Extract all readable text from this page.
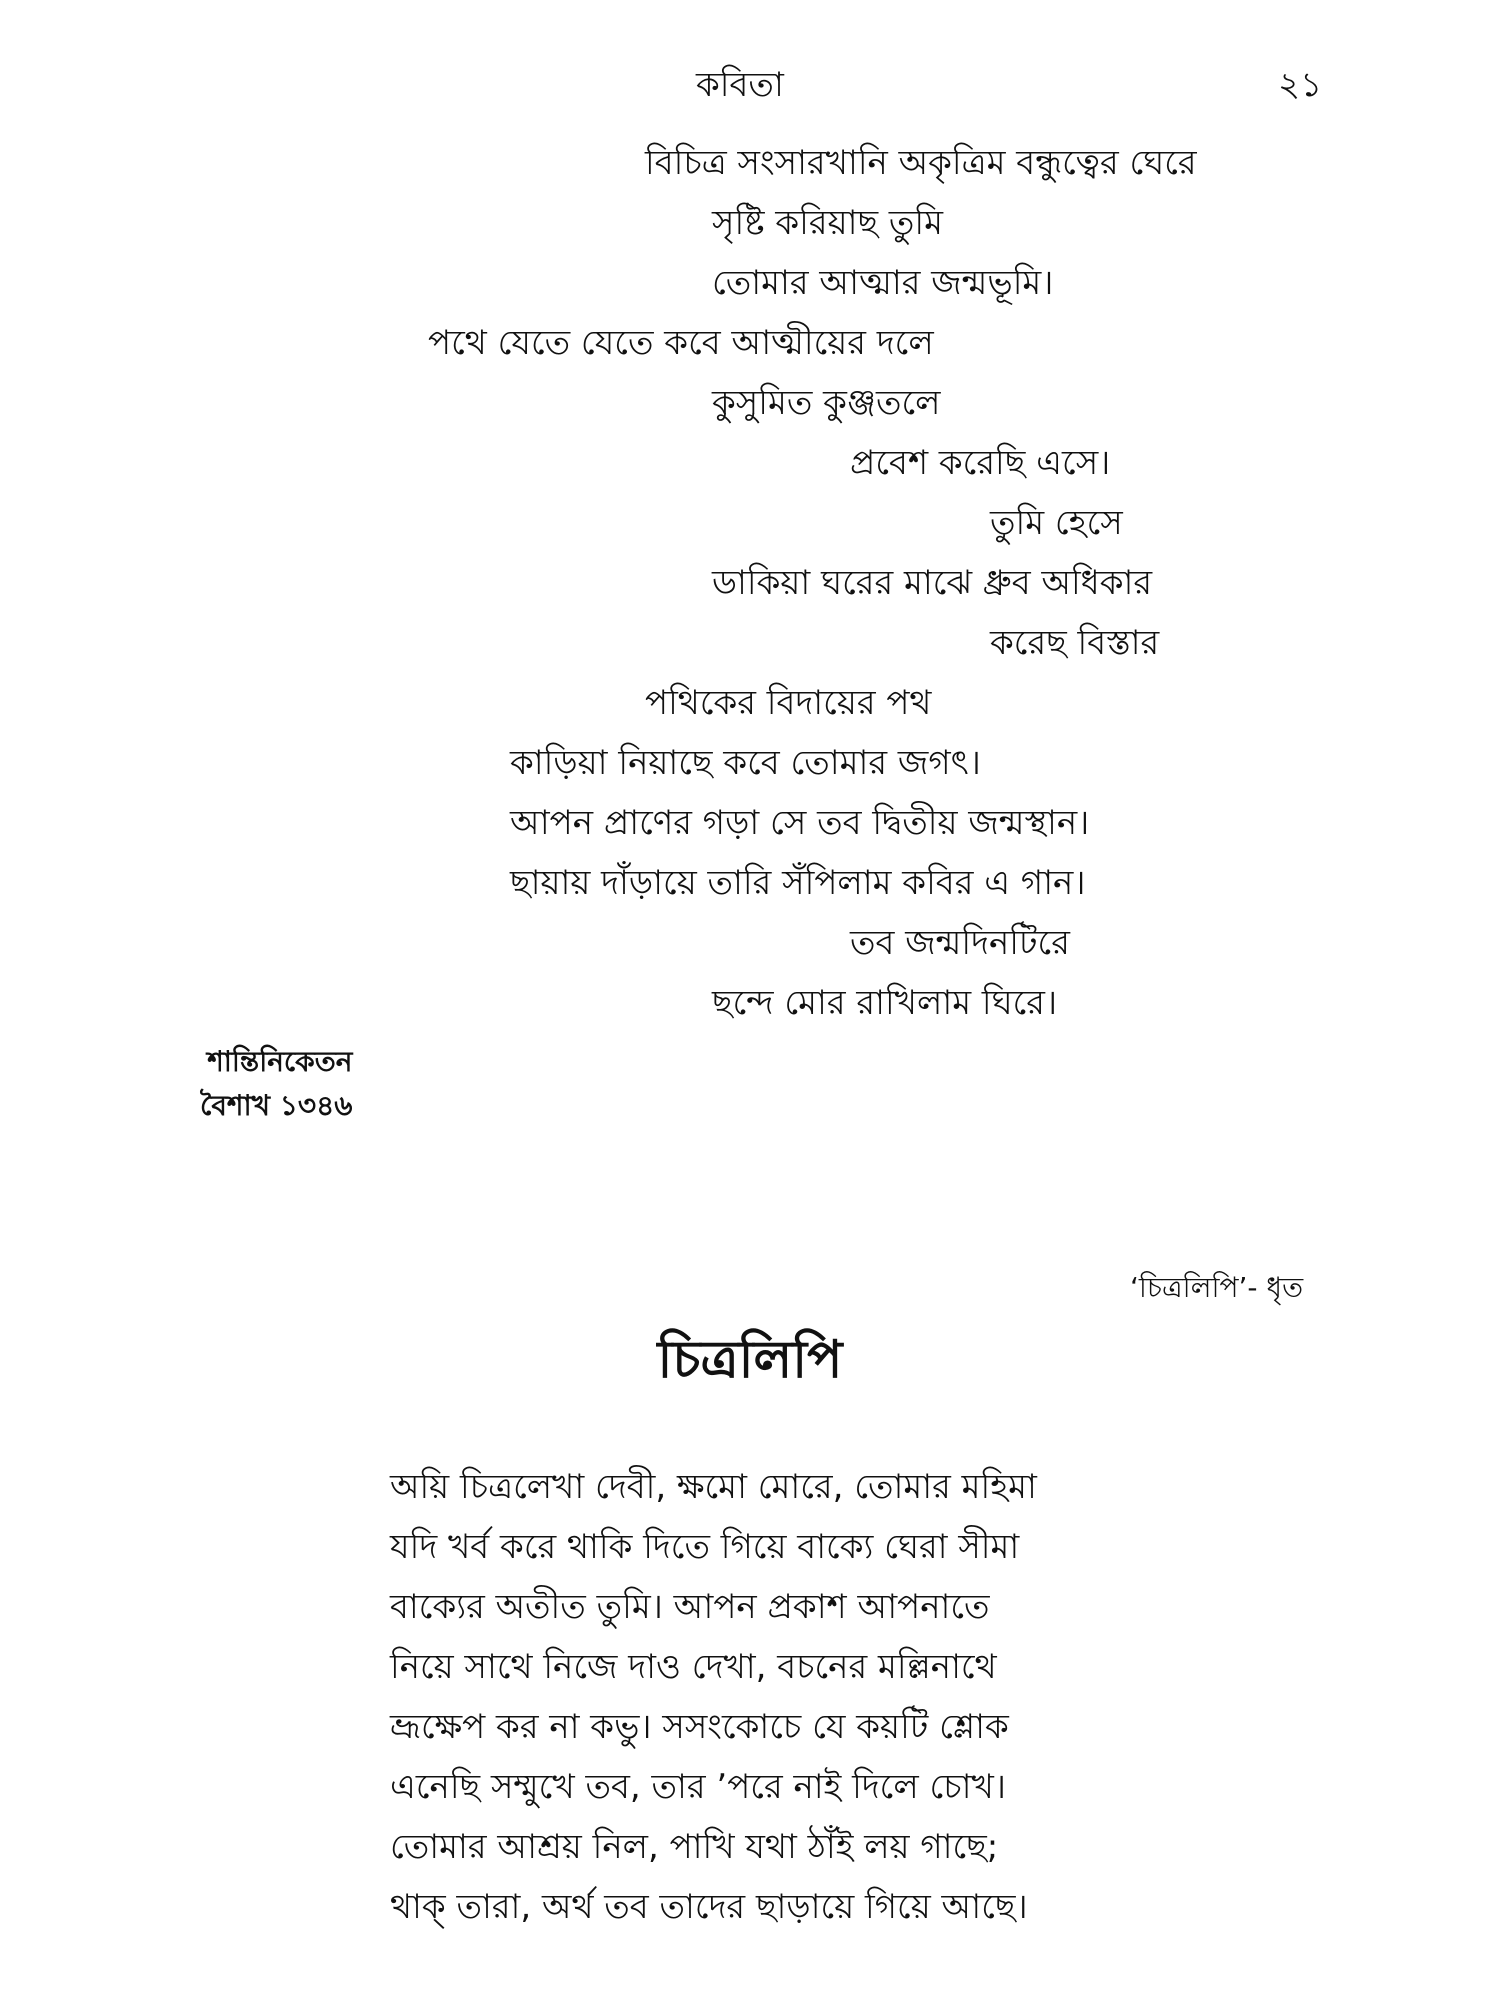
কবিতা	২১
বিচিত্র সংসারখানি অকৃত্রিম বন্ধুত্বের ঘেরে
সৃষ্টি করিয়াছ তুমি
তোমার আত্মার জন্মভূমি।
পথে যেতে যেতে কবে আত্মীয়ের দলে
কুসুমিত কুঞ্জতলে
প্রবেশ করেছি এসে।
তুমি হেসে
ডাকিয়া ঘরের মাঝে ধ্রুব অধিকার
করেছ বিস্তার
পথিকের বিদায়ের পথ
কাড়িয়া নিয়াছে কবে তোমার জগৎ।
আপন প্রাণের গড়া সে তব দ্বিতীয় জন্মস্থান।
ছায়ায় দাঁড়ায়ে তারি সঁপিলাম কবির এ গান।
তব জন্মদিনটিরে
ছন্দে মোর রাখিলাম ঘিরে।
শান্তিনিকেতন
বৈশাখ ১৩৪৬
‘চিত্রলিপি’- ধৃত
চিত্রলিপি
অয়ি চিত্রলেখা দেবী, ক্ষমো মোরে, তোমার মহিমা
যদি খর্ব করে থাকি দিতে গিয়ে বাক্যে ঘেরা সীমা
বাক্যের অতীত তুমি। আপন প্রকাশ আপনাতে
নিয়ে সাথে নিজে দাও দেখা, বচনের মল্লিনাথে
ভ্রূক্ষেপ কর না কভু। সসংকোচে যে কয়টি শ্লোক
এনেছি সম্মুখে তব, তার ’পরে নাই দিলে চোখ।
তোমার আশ্রয় নিল, পাখি যথা ঠাঁই লয় গাছে;
থাক্ তারা, অর্থ তব তাদের ছাড়ায়ে গিয়ে আছে।
